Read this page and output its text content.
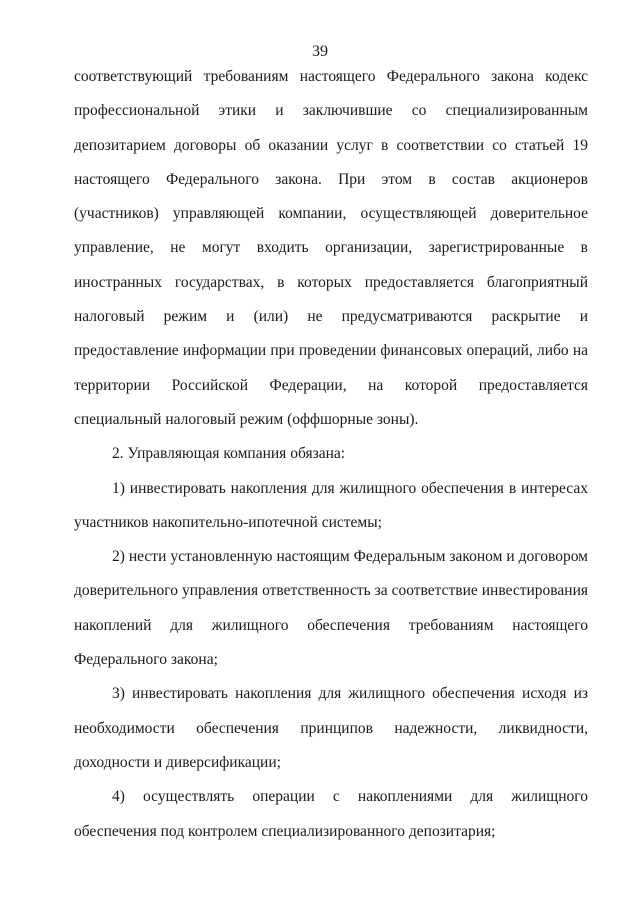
39

соответствующий требованиям настоящего Федерального закона кодекс профессиональной этики и заключившие со специализированным депозитарием договоры об оказании услуг в соответствии со статьей 19 настоящего Федерального закона. При этом в состав акционеров (участников) управляющей компании, осуществляющей доверительное управление, не могут входить организации, зарегистрированные в иностранных государствах, в которых предоставляется благоприятный налоговый режим и (или) не предусматриваются раскрытие и предоставление информации при проведении финансовых операций, либо на территории Российской Федерации, на которой предоставляется специальный налоговый режим (оффшорные зоны).

2. Управляющая компания обязана:

1) инвестировать накопления для жилищного обеспечения в интересах участников накопительно-ипотечной системы;

2) нести установленную настоящим Федеральным законом и договором доверительного управления ответственность за соответствие инвестирования накоплений для жилищного обеспечения требованиям настоящего Федерального закона;

3) инвестировать накопления для жилищного обеспечения исходя из необходимости обеспечения принципов надежности, ликвидности, доходности и диверсификации;

4) осуществлять операции с накоплениями для жилищного обеспечения под контролем специализированного депозитария;
